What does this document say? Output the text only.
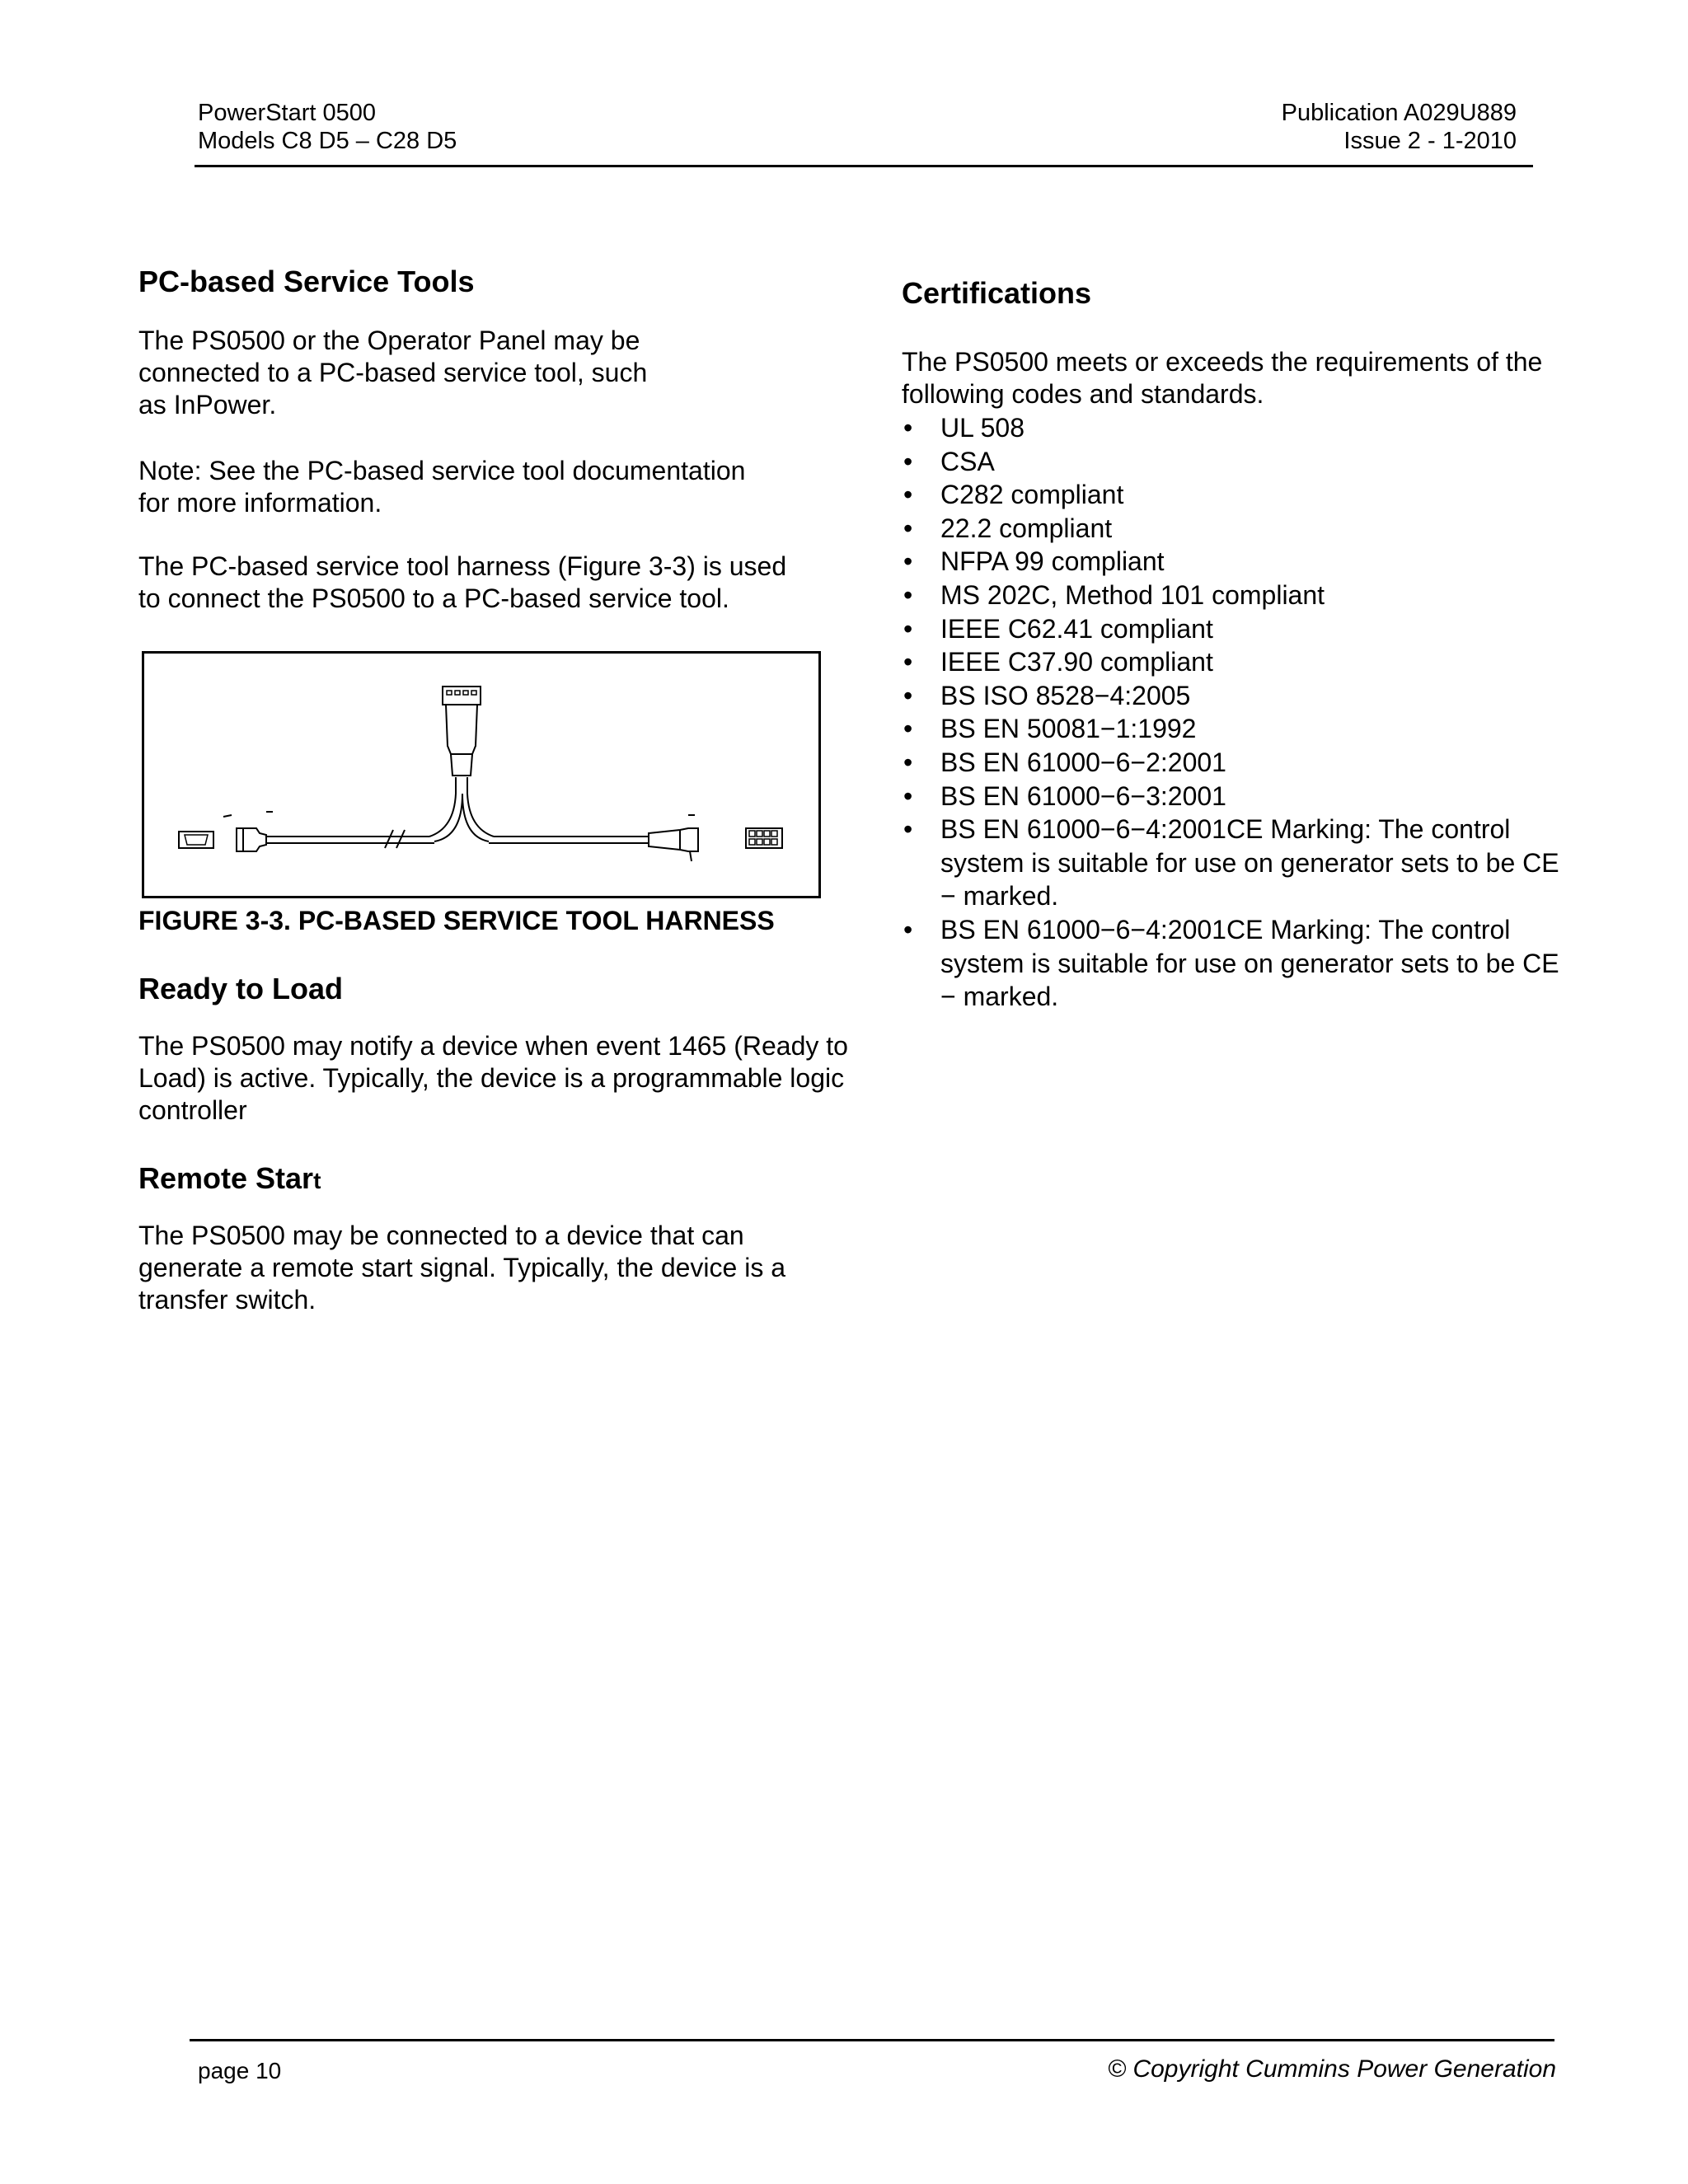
PowerStart 0500
Models C8 D5 – C28 D5
Publication A029U889
Issue 2 - 1-2010
PC-based Service Tools
The PS0500 or the Operator Panel may be
connected to a PC-based service tool, such
as InPower.
Note: See the PC-based service tool documentation
for more information.
The PC-based service tool harness (Figure 3-3) is used
to connect the PS0500 to a PC-based service tool.
FIGURE 3-3. PC-BASED SERVICE TOOL HARNESS
Ready to Load
The PS0500 may notify a device when event 1465 (Ready to
Load) is active. Typically, the device is a programmable logic
controller
Remote Start
The PS0500 may be connected to a device that can
generate a remote start signal. Typically, the device is a
transfer switch.
Certifications
The PS0500 meets or exceeds the requirements of the
following codes and standards.
• UL 508
• CSA
• C282 compliant
• 22.2 compliant
• NFPA 99 compliant
• MS 202C, Method 101 compliant
• IEEE C62.41 compliant
• IEEE C37.90 compliant
• BS ISO 8528−4:2005
• BS EN 50081−1:1992
• BS EN 61000−6−2:2001
• BS EN 61000−6−3:2001
• BS EN 61000−6−4:2001CE Marking: The control
system is suitable for use on generator sets to be CE
− marked.
• BS EN 61000−6−4:2001CE Marking: The control
system is suitable for use on generator sets to be CE
− marked.
page 10	© Copyright Cummins Power Generation
